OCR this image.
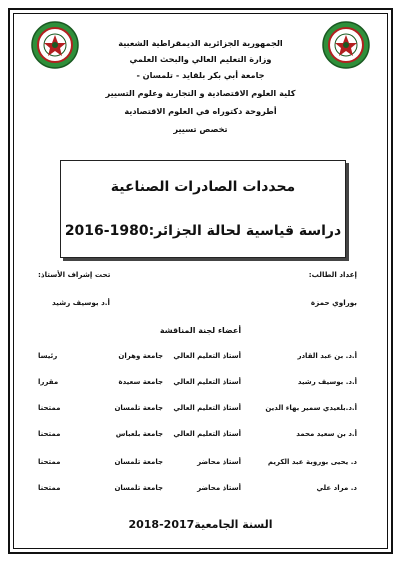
الجمهورية الجزائرية الديمقراطية الشعبية
وزارة التعليم العالي والبحث العلمي
جامعة أبي بكر بلقايد - تلمسان -
كلية العلوم الاقتصادية و التجارية وعلوم التسيير
أطروحة دكتوراه في العلوم الاقتصادية
تخصص تسيير
محددات الصادرات الصناعية
دراسة قياسية لحالة الجزائر:1980-2016
إعداد الطالب:
تحت إشراف الأستاذ:
بوراوي حمزة
أ.د بوسيف رشيد
أعضاء لجنة المناقشة
أ.د. بن عبد القادر
أستاذ التعليم العالي
جامعة وهران
رئيسا
أ.د. بوسيف رشيد
أستاذ التعليم العالي
جامعة سعيدة
مقررا
أ.د.بلعيدي سمير بهاء الدين
أستاذ التعليم العالي
جامعة تلمسان
ممتحنا
أ.د بن سعيد محمد
أستاذ التعليم العالي
جامعة بلعباس
ممتحنا
د. يحيى بوروبة عبد الكريم
أستاذ محاضر
جامعة تلمسان
ممتحنا
د. مراد علي
أستاذ محاضر
جامعة تلمسان
ممتحنا
السنة الجامعية2017-2018
